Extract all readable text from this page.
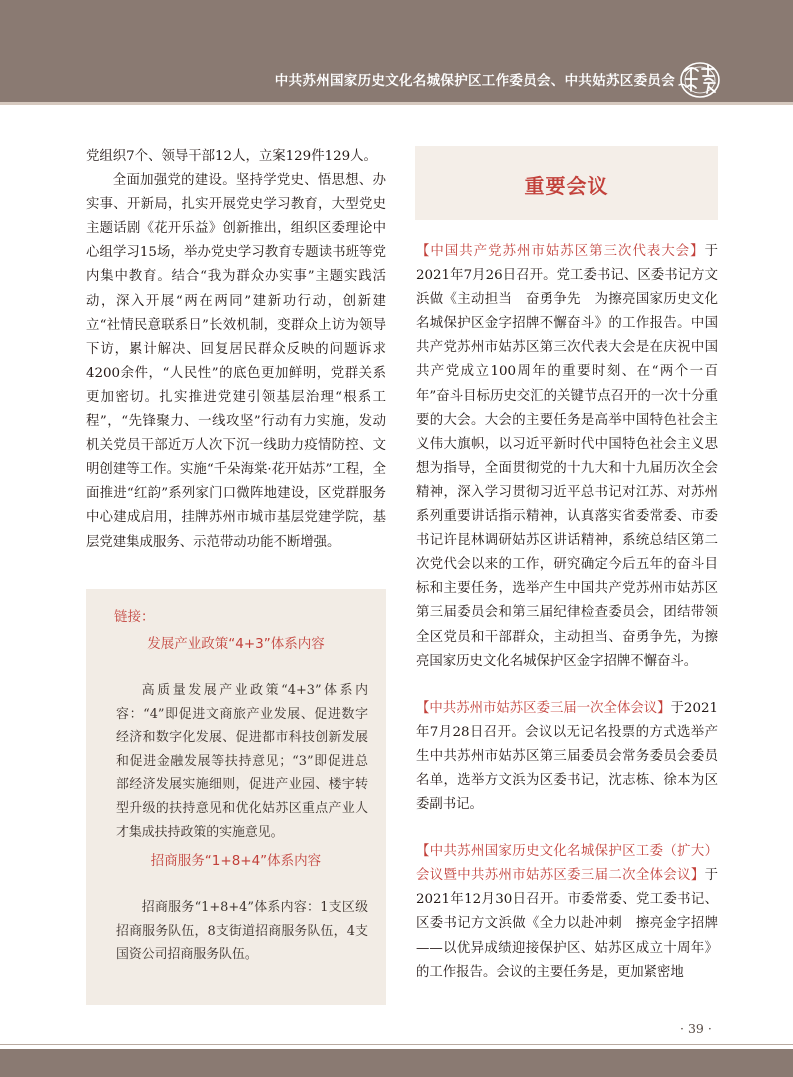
中共苏州国家历史文化名城保护区工作委员会、中共姑苏区委员会

党组织7个、领导干部12人，立案129件129人。

全面加强党的建设。坚持学党史、悟思想、办实事、开新局，扎实开展党史学习教育，大型党史主题话剧《花开乐益》创新推出，组织区委理论中心组学习15场，举办党史学习教育专题读书班等党内集中教育。结合“我为群众办实事”主题实践活动，深入开展“两在两同”建新功行动，创新建立“社情民意联系日”长效机制，变群众上访为领导下访，累计解决、回复居民群众反映的问题诉求4200余件，“人民性”的底色更加鲜明，党群关系更加密切。扎实推进党建引领基层治理“根系工程”，“先锋聚力、一线攻坚”行动有力实施，发动机关党员干部近万人次下沉一线助力疫情防控、文明创建等工作。实施“千朵海棠·花开姑苏”工程，全面推进“红韵”系列家门口微阵地建设，区党群服务中心建成启用，挂牌苏州市城市基层党建学院，基层党建集成服务、示范带动功能不断增强。

链接：
发展产业政策“4+3”体系内容

高质量发展产业政策“4+3”体系内容：“4”即促进文商旅产业发展、促进数字经济和数字化发展、促进都市科技创新发展和促进金融发展等扶持意见；“3”即促进总部经济发展实施细则，促进产业园、楼宇转型升级的扶持意见和优化姑苏区重点产业人才集成扶持政策的实施意见。

招商服务“1+8+4”体系内容

招商服务“1+8+4”体系内容：1支区级招商服务队伍，8支街道招商服务队伍，4支国资公司招商服务队伍。

重要会议

【中国共产党苏州市姑苏区第三次代表大会】于2021年7月26日召开。党工委书记、区委书记方文浜做《主动担当　奋勇争先　为擦亮国家历史文化名城保护区金字招牌不懈奋斗》的工作报告。中国共产党苏州市姑苏区第三次代表大会是在庆祝中国共产党成立100周年的重要时刻、在“两个一百年”奋斗目标历史交汇的关键节点召开的一次十分重要的大会。大会的主要任务是高举中国特色社会主义伟大旗帜，以习近平新时代中国特色社会主义思想为指导，全面贯彻党的十九大和十九届历次全会精神，深入学习贯彻习近平总书记对江苏、对苏州系列重要讲话指示精神，认真落实省委常委、市委书记许昆林调研姑苏区讲话精神，系统总结区第二次党代会以来的工作，研究确定今后五年的奋斗目标和主要任务，选举产生中国共产党苏州市姑苏区第三届委员会和第三届纪律检查委员会，团结带领全区党员和干部群众，主动担当、奋勇争先，为擦亮国家历史文化名城保护区金字招牌不懈奋斗。

【中共苏州市姑苏区委三届一次全体会议】于2021年7月28日召开。会议以无记名投票的方式选举产生中共苏州市姑苏区第三届委员会常务委员会委员名单，选举方文浜为区委书记，沈志栋、徐本为区委副书记。

【中共苏州国家历史文化名城保护区工委（扩大）会议暨中共苏州市姑苏区委三届二次全体会议】于2021年12月30日召开。市委常委、党工委书记、区委书记方文浜做《全力以赴冲刺　擦亮金字招牌——以优异成绩迎接保护区、姑苏区成立十周年》的工作报告。会议的主要任务是，更加紧密地

· 39 ·
